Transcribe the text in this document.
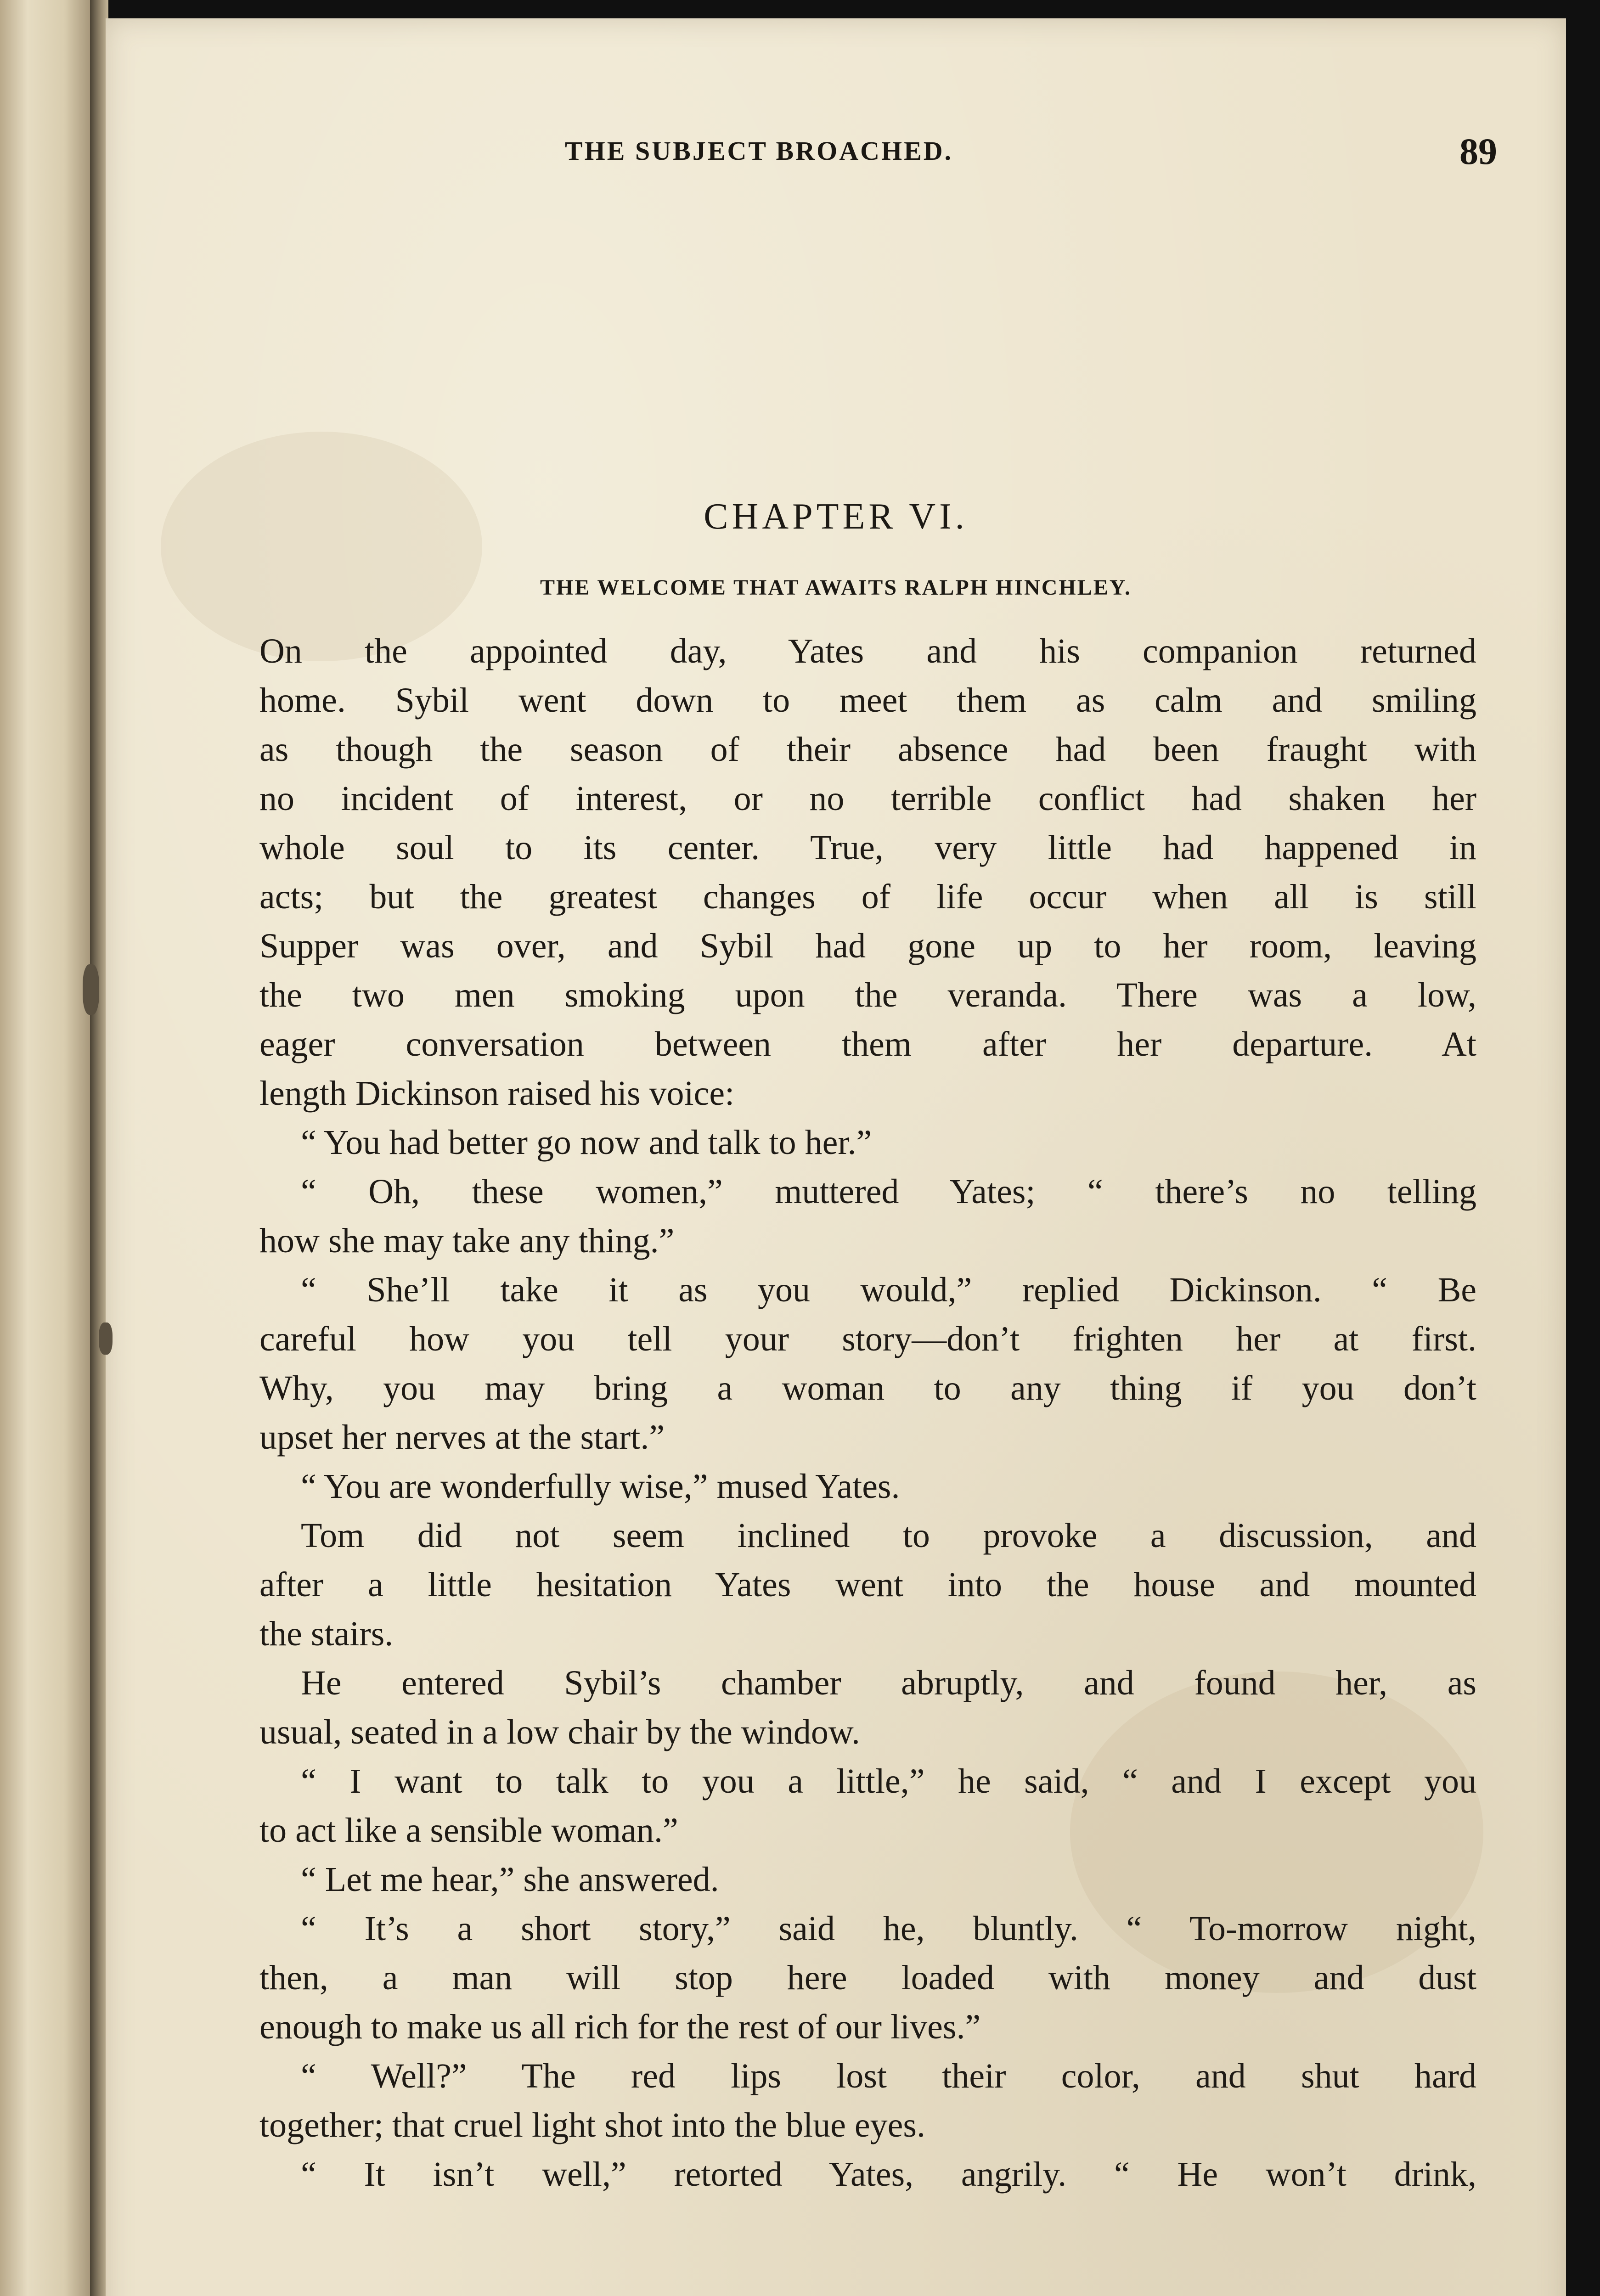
THE SUBJECT BROACHED.	89
CHAPTER VI.
THE WELCOME THAT AWAITS RALPH HINCHLEY.
On the appointed day, Yates and his companion returned
home. Sybil went down to meet them as calm and smiling
as though the season of their absence had been fraught with
no incident of interest, or no terrible conflict had shaken her
whole soul to its center. True, very little had happened in
acts; but the greatest changes of life occur when all is still
Supper was over, and Sybil had gone up to her room, leaving
the two men smoking upon the veranda. There was a low,
eager conversation between them after her departure. At
length Dickinson raised his voice:
“ You had better go now and talk to her.”
“ Oh, these women,” muttered Yates; “ there’s no telling
how she may take any thing.”
“ She’ll take it as you would,” replied Dickinson. “ Be
careful how you tell your story—don’t frighten her at first.
Why, you may bring a woman to any thing if you don’t
upset her nerves at the start.”
“ You are wonderfully wise,” mused Yates.
Tom did not seem inclined to provoke a discussion, and
after a little hesitation Yates went into the house and mounted
the stairs.
He entered Sybil’s chamber abruptly, and found her, as
usual, seated in a low chair by the window.
“ I want to talk to you a little,” he said, “ and I except you
to act like a sensible woman.”
“ Let me hear,” she answered.
“ It’s a short story,” said he, bluntly. “ To-morrow night,
then, a man will stop here loaded with money and dust
enough to make us all rich for the rest of our lives.”
“ Well?” The red lips lost their color, and shut hard
together; that cruel light shot into the blue eyes.
“ It isn’t well,” retorted Yates, angrily. “ He won’t drink,
